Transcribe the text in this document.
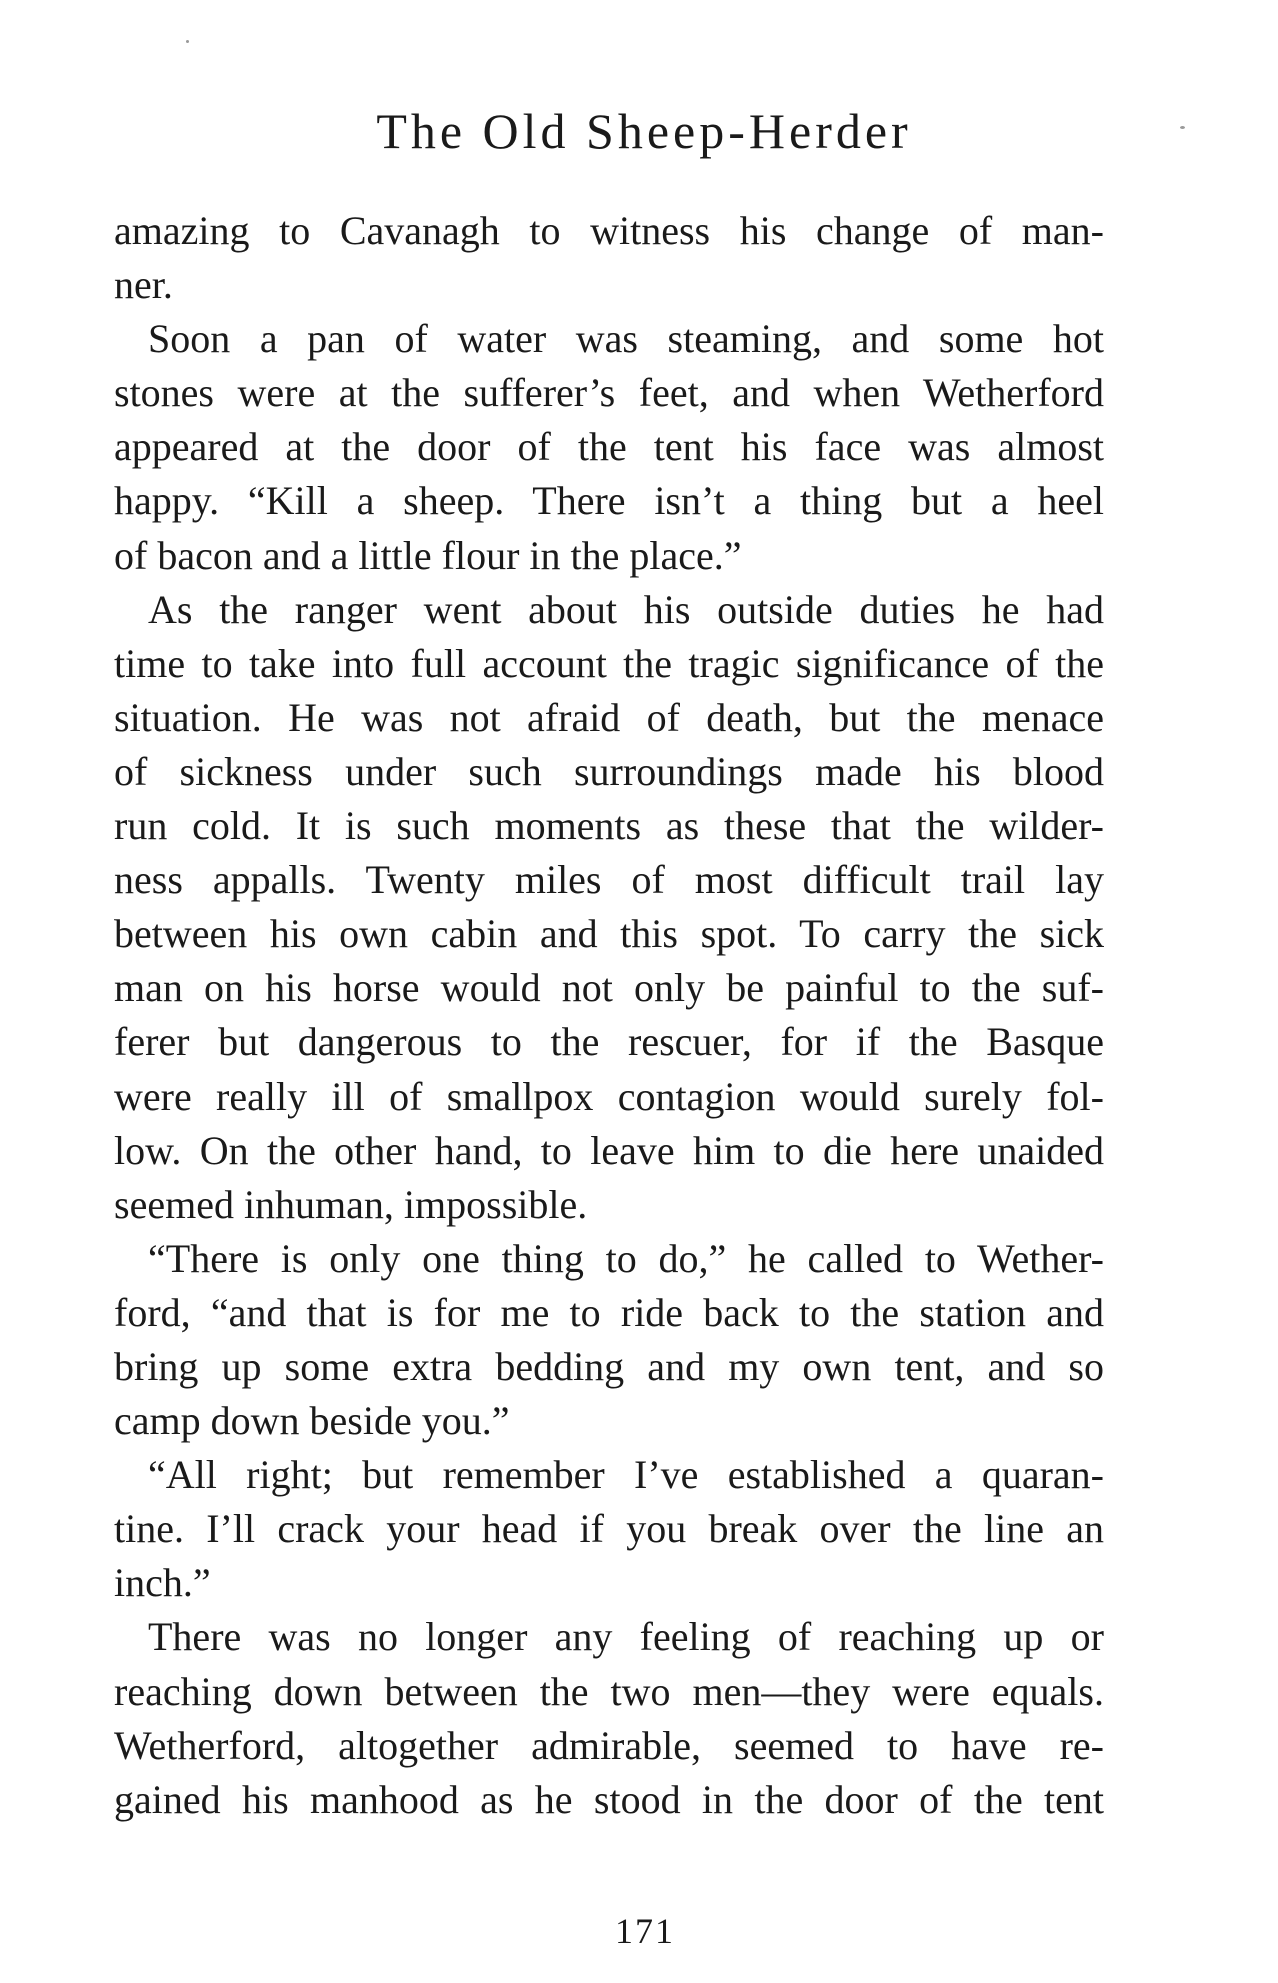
The Old Sheep-Herder

amazing to Cavanagh to witness his change of man-
ner.

Soon a pan of water was steaming, and some hot
stones were at the sufferer’s feet, and when Wetherford
appeared at the door of the tent his face was almost
happy. “Kill a sheep. There isn’t a thing but a heel
of bacon and a little flour in the place.”

As the ranger went about his outside duties he had
time to take into full account the tragic significance of the
situation. He was not afraid of death, but the menace
of sickness under such surroundings made his blood
run cold. It is such moments as these that the wilder-
ness appalls. Twenty miles of most difficult trail lay
between his own cabin and this spot. To carry the sick
man on his horse would not only be painful to the suf-
ferer but dangerous to the rescuer, for if the Basque
were really ill of smallpox contagion would surely fol-
low. On the other hand, to leave him to die here unaided
seemed inhuman, impossible.

“There is only one thing to do,” he called to Wether-
ford, “and that is for me to ride back to the station and
bring up some extra bedding and my own tent, and so
camp down beside you.”

“All right; but remember I’ve established a quaran-
tine. I’ll crack your head if you break over the line an
inch.”

There was no longer any feeling of reaching up or
reaching down between the two men—they were equals.
Wetherford, altogether admirable, seemed to have re-
gained his manhood as he stood in the door of the tent

171
